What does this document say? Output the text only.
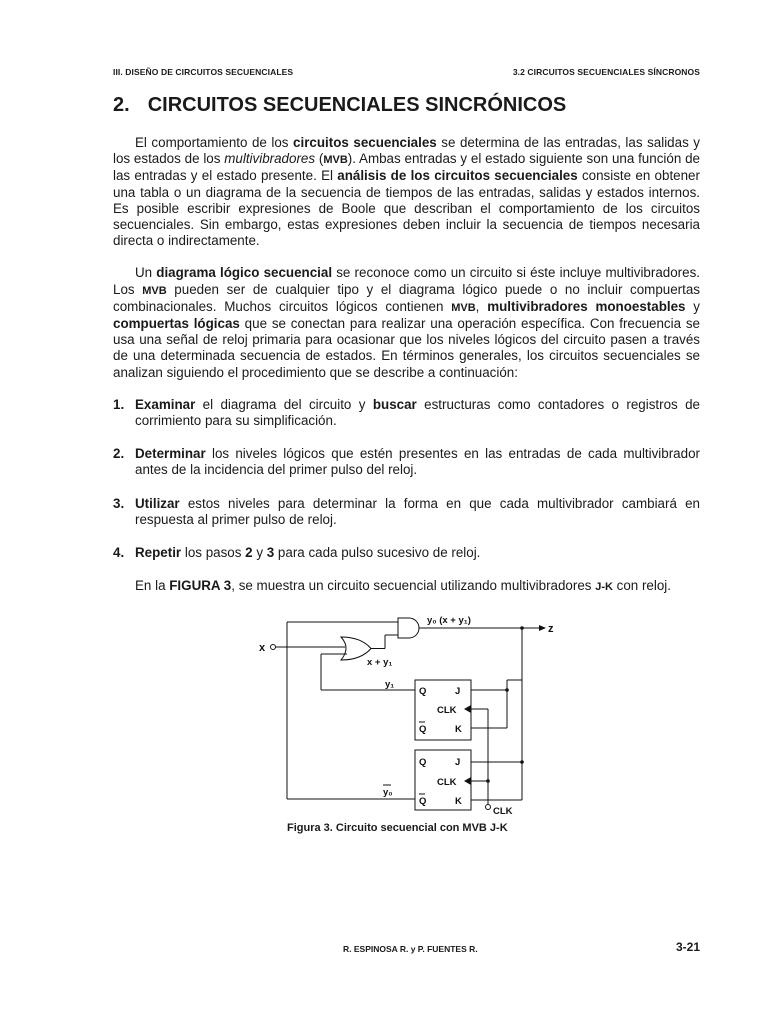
III. DISEÑO DE CIRCUITOS SECUENCIALES	3.2 CIRCUITOS SECUENCIALES SÍNCRONOS
2. CIRCUITOS SECUENCIALES SINCRÓNICOS

El comportamiento de los circuitos secuenciales se determina de las entradas, las salidas y los estados de los multivibradores (MVB). Ambas entradas y el estado siguiente son una función de las entradas y el estado presente. El análisis de los circuitos secuenciales consiste en obtener una tabla o un diagrama de la secuencia de tiempos de las entradas, salidas y estados internos. Es posible escribir expresiones de Boole que describan el comportamiento de los circuitos secuenciales. Sin embargo, estas expresiones deben incluir la secuencia de tiempos necesaria directa o indirectamente.

Un diagrama lógico secuencial se reconoce como un circuito si éste incluye multivibradores. Los MVB pueden ser de cualquier tipo y el diagrama lógico puede o no incluir compuertas combinacionales. Muchos circuitos lógicos contienen MVB, multivibradores monoestables y compuertas lógicas que se conectan para realizar una operación específica. Con frecuencia se usa una señal de reloj primaria para ocasionar que los niveles lógicos del circuito pasen a través de una determinada secuencia de estados. En términos generales, los circuitos secuenciales se analizan siguiendo el procedimiento que se describe a continuación:

1. Examinar el diagrama del circuito y buscar estructuras como contadores o registros de corrimiento para su simplificación.
2. Determinar los niveles lógicos que estén presentes en las entradas de cada multivibrador antes de la incidencia del primer pulso del reloj.
3. Utilizar estos niveles para determinar la forma en que cada multivibrador cambiará en respuesta al primer pulso de reloj.
4. Repetir los pasos 2 y 3 para cada pulso sucesivo de reloj.

En la FIGURA 3, se muestra un circuito secuencial utilizando multivibradores J-K con reloj.

x
x + y₁
y₀ (x + y₁)
z
y₁
Q
Q
J
CLK
K
Q
Q
J
CLK
K
y₀
CLK
Figura 3. Circuito secuencial con MVB J-K
R. ESPINOSA R. y P. FUENTES R.	3-21
